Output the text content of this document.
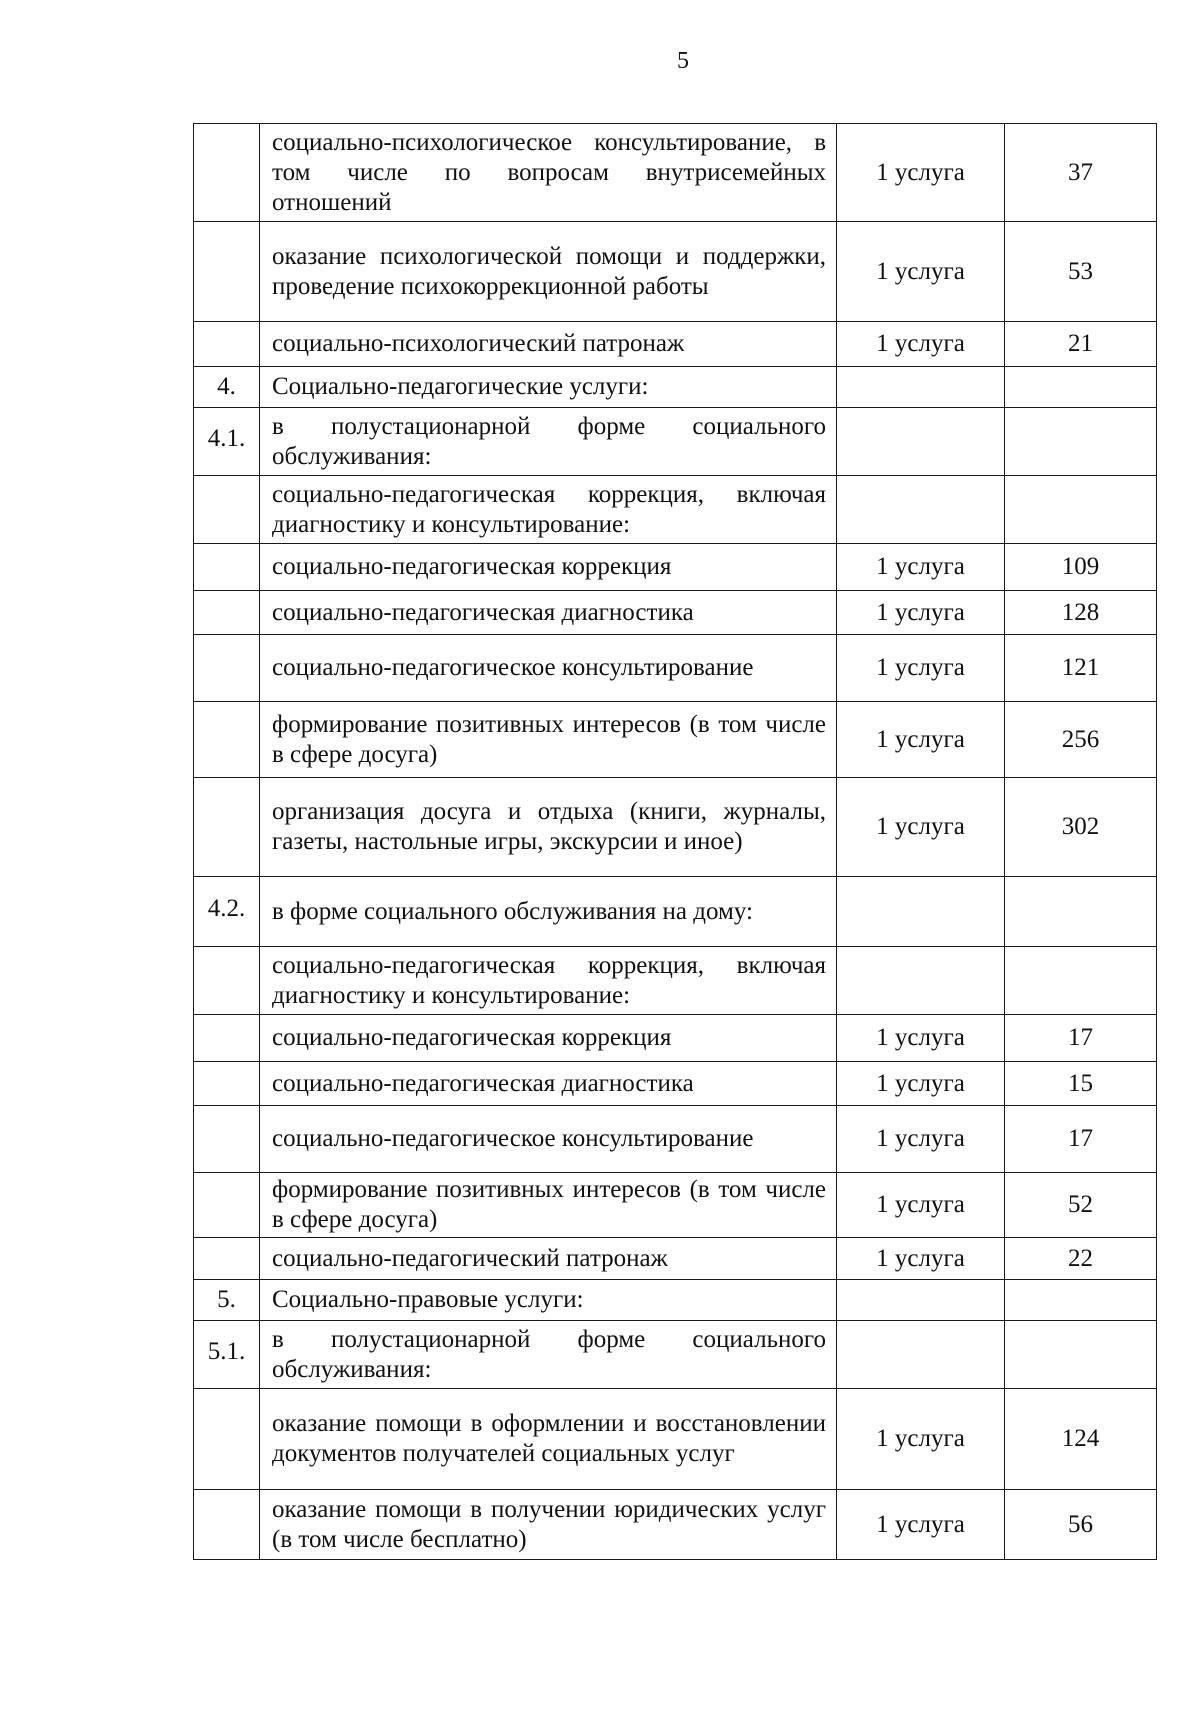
5
	социально-психологическое консультирование, в том числе по вопросам внутрисемейных отношений	1 услуга	37
	оказание психологической помощи и поддержки, проведение психокоррекционной работы	1 услуга	53
	социально-психологический патронаж	1 услуга	21
4.	Социально-педагогические услуги:		

4.1.	в полустационарной форме социального обслуживания:		
	социально-педагогическая коррекция, включая диагностику и консультирование:		
	социально-педагогическая коррекция	1 услуга	109
	социально-педагогическая диагностика	1 услуга	128
	социально-педагогическое консультирование	1 услуга	121
	формирование позитивных интересов (в том числе в сфере досуга)	1 услуга	256
	организация досуга и отдыха (книги, журналы, газеты, настольные игры, экскурсии и иное)	1 услуга	302

4.2.	в форме социального обслуживания на дому:		
	социально-педагогическая коррекция, включая диагностику и консультирование:		
	социально-педагогическая коррекция	1 услуга	17
	социально-педагогическая диагностика	1 услуга	15
	социально-педагогическое консультирование	1 услуга	17
	формирование позитивных интересов (в том числе в сфере досуга)	1 услуга	52
	социально-педагогический патронаж	1 услуга	22
5.	Социально-правовые услуги:		

5.1.	в полустационарной форме социального обслуживания:		
	оказание помощи в оформлении и восстановлении документов получателей социальных услуг	1 услуга	124
	оказание помощи в получении юридических услуг (в том числе бесплатно)	1 услуга	56
